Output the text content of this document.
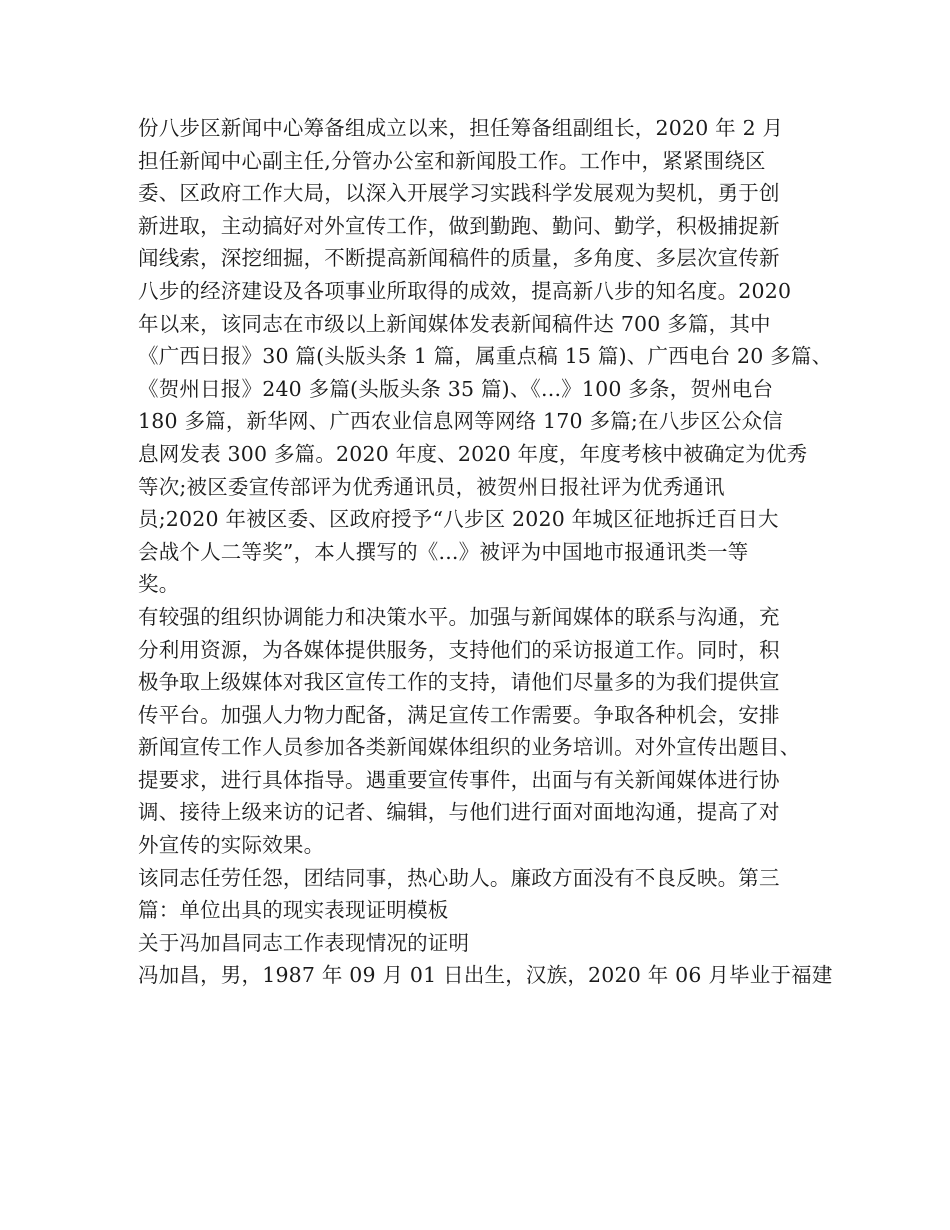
份八步区新闻中心筹备组成立以来，担任筹备组副组长，2020 年 2 月
担任新闻中心副主任,分管办公室和新闻股工作。工作中，紧紧围绕区
委、区政府工作大局，以深入开展学习实践科学发展观为契机，勇于创
新进取，主动搞好对外宣传工作，做到勤跑、勤问、勤学，积极捕捉新
闻线索，深挖细掘，不断提高新闻稿件的质量，多角度、多层次宣传新
八步的经济建设及各项事业所取得的成效，提高新八步的知名度。2020
年以来，该同志在市级以上新闻媒体发表新闻稿件达 700 多篇，其中
《广西日报》30 篇(头版头条 1 篇，属重点稿 15 篇)、广西电台 20 多篇、
《贺州日报》240 多篇(头版头条 35 篇)、《...》100 多条，贺州电台
180 多篇，新华网、广西农业信息网等网络 170 多篇;在八步区公众信
息网发表 300 多篇。2020 年度、2020 年度，年度考核中被确定为优秀
等次;被区委宣传部评为优秀通讯员，被贺州日报社评为优秀通讯
员;2020 年被区委、区政府授予“八步区 2020 年城区征地拆迁百日大
会战个人二等奖”，本人撰写的《...》被评为中国地市报通讯类一等
奖。
有较强的组织协调能力和决策水平。加强与新闻媒体的联系与沟通，充
分利用资源，为各媒体提供服务，支持他们的采访报道工作。同时，积
极争取上级媒体对我区宣传工作的支持，请他们尽量多的为我们提供宣
传平台。加强人力物力配备，满足宣传工作需要。争取各种机会，安排
新闻宣传工作人员参加各类新闻媒体组织的业务培训。对外宣传出题目、
提要求，进行具体指导。遇重要宣传事件，出面与有关新闻媒体进行协
调、接待上级来访的记者、编辑，与他们进行面对面地沟通，提高了对
外宣传的实际效果。
该同志任劳任怨，团结同事，热心助人。廉政方面没有不良反映。第三
篇：单位出具的现实表现证明模板
关于冯加昌同志工作表现情况的证明
冯加昌，男，1987 年 09 月 01 日出生，汉族，2020 年 06 月毕业于福建
